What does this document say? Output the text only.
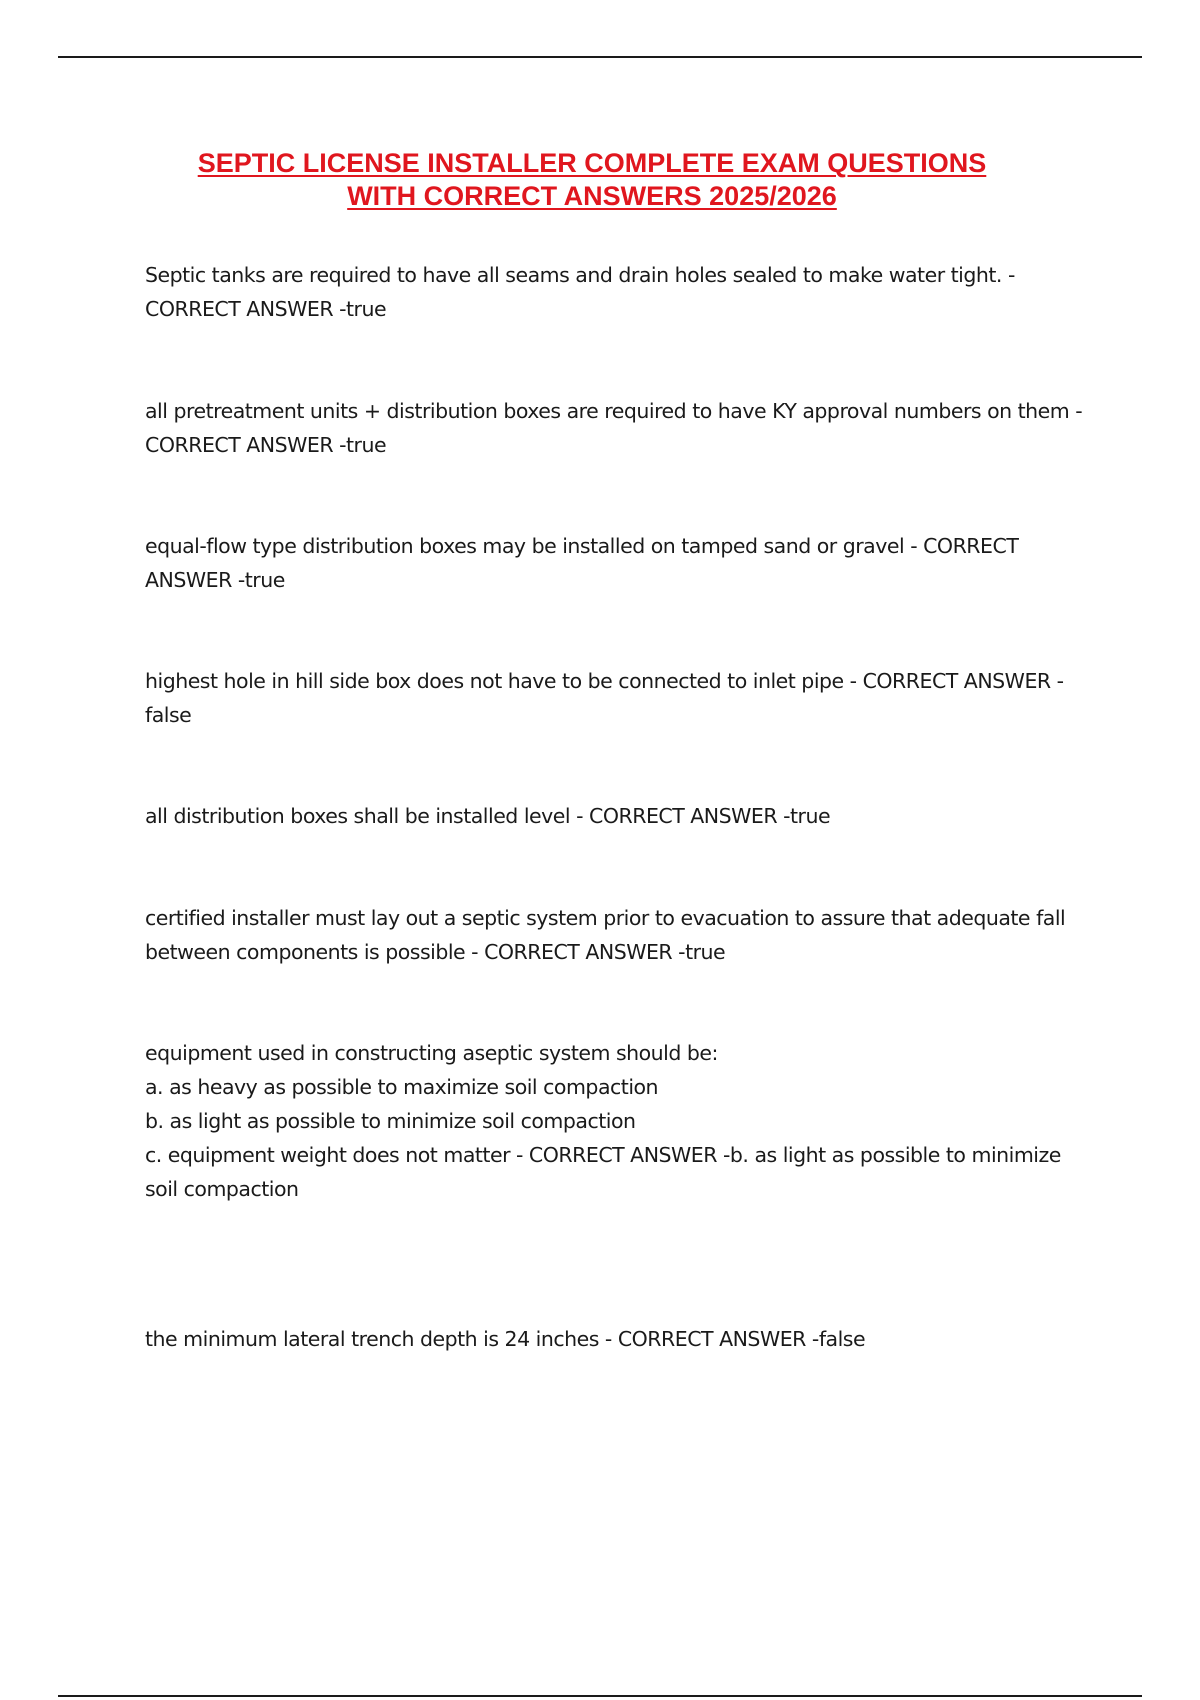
SEPTIC LICENSE INSTALLER COMPLETE EXAM QUESTIONS
WITH CORRECT ANSWERS 2025/2026

Septic tanks are required to have all seams and drain holes sealed to make water tight. - CORRECT ANSWER -true

all pretreatment units + distribution boxes are required to have KY approval numbers on them - CORRECT ANSWER -true

equal-flow type distribution boxes may be installed on tamped sand or gravel - CORRECT ANSWER -true

highest hole in hill side box does not have to be connected to inlet pipe - CORRECT ANSWER - false

all distribution boxes shall be installed level - CORRECT ANSWER -true

certified installer must lay out a septic system prior to evacuation to assure that adequate fall between components is possible - CORRECT ANSWER -true

equipment used in constructing aseptic system should be:

a. as heavy as possible to maximize soil compaction

b. as light as possible to minimize soil compaction

c. equipment weight does not matter - CORRECT ANSWER -b. as light as possible to minimize soil compaction

the minimum lateral trench depth is 24 inches - CORRECT ANSWER -false
